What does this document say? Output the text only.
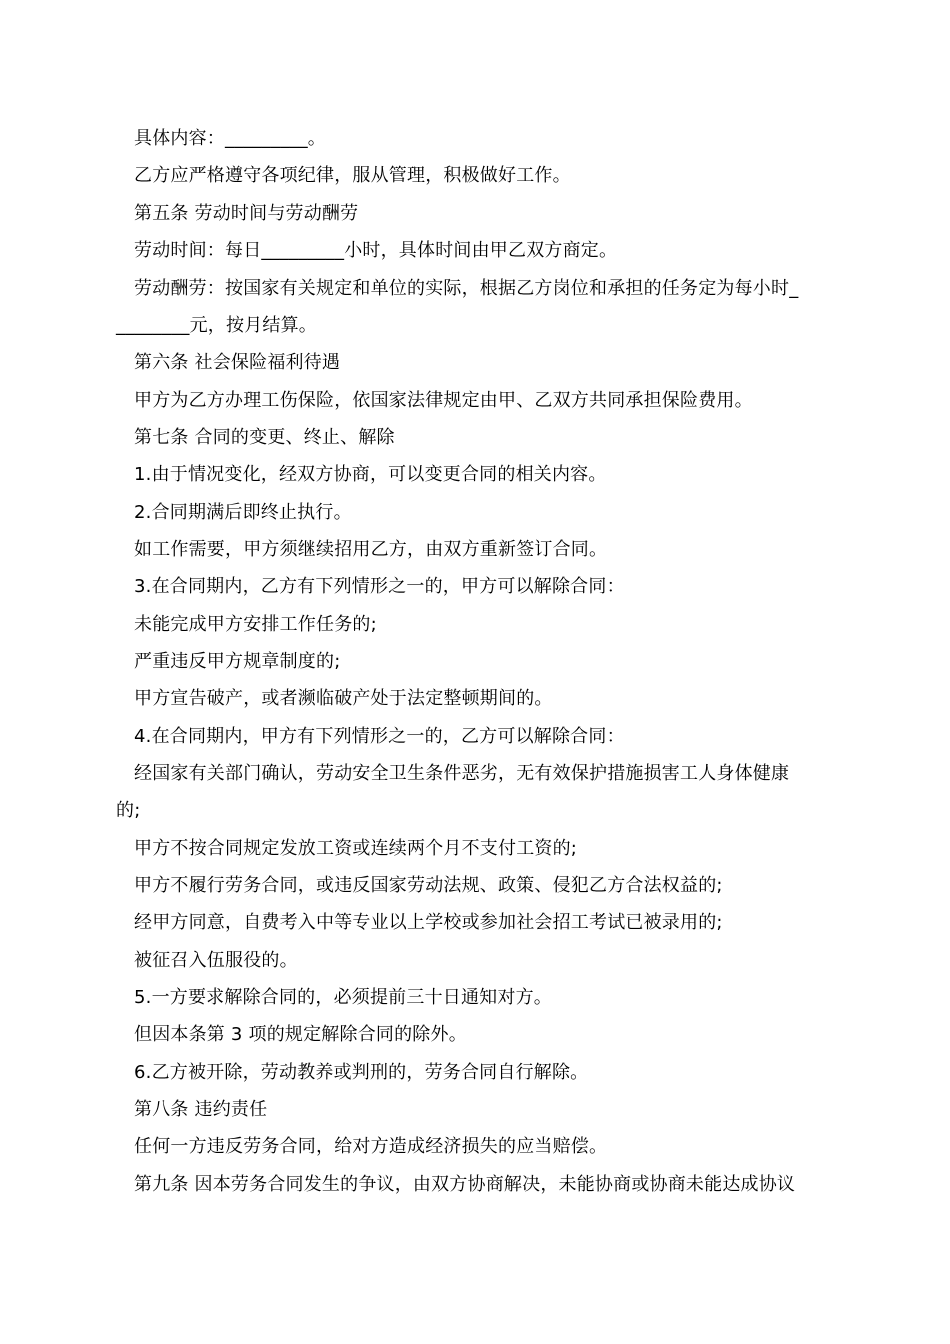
具体内容：_________。
乙方应严格遵守各项纪律，服从管理，积极做好工作。
第五条 劳动时间与劳动酬劳
劳动时间：每日_________小时，具体时间由甲乙双方商定。
劳动酬劳：按国家有关规定和单位的实际，根据乙方岗位和承担的任务定为每小时_
________元，按月结算。
第六条 社会保险福利待遇
甲方为乙方办理工伤保险，依国家法律规定由甲、乙双方共同承担保险费用。
第七条 合同的变更、终止、解除
1.由于情况变化，经双方协商，可以变更合同的相关内容。
2.合同期满后即终止执行。
如工作需要，甲方须继续招用乙方，由双方重新签订合同。
3.在合同期内，乙方有下列情形之一的，甲方可以解除合同：
未能完成甲方安排工作任务的;
严重违反甲方规章制度的;
甲方宣告破产，或者濒临破产处于法定整顿期间的。
4.在合同期内，甲方有下列情形之一的，乙方可以解除合同：
经国家有关部门确认，劳动安全卫生条件恶劣，无有效保护措施损害工人身体健康
的;
甲方不按合同规定发放工资或连续两个月不支付工资的;
甲方不履行劳务合同，或违反国家劳动法规、政策、侵犯乙方合法权益的;
经甲方同意，自费考入中等专业以上学校或参加社会招工考试已被录用的;
被征召入伍服役的。
5.一方要求解除合同的，必须提前三十日通知对方。
但因本条第 3 项的规定解除合同的除外。
6.乙方被开除，劳动教养或判刑的，劳务合同自行解除。
第八条 违约责任
任何一方违反劳务合同，给对方造成经济损失的应当赔偿。
第九条 因本劳务合同发生的争议，由双方协商解决，未能协商或协商未能达成协议
